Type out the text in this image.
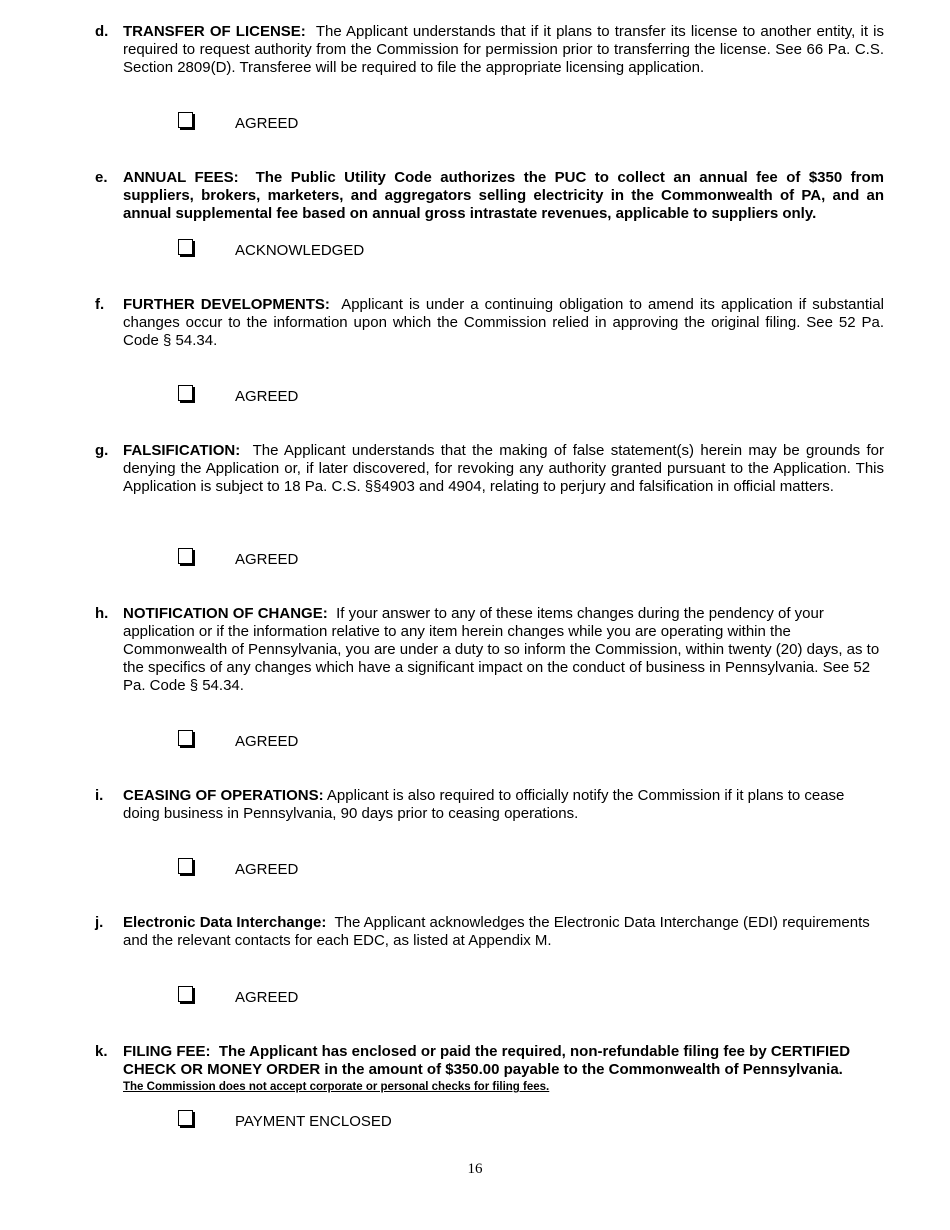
d. TRANSFER OF LICENSE: The Applicant understands that if it plans to transfer its license to another entity, it is required to request authority from the Commission for permission prior to transferring the license. See 66 Pa. C.S. Section 2809(D). Transferee will be required to file the appropriate licensing application.
AGREED
e.	ANNUAL FEES: The Public Utility Code authorizes the PUC to collect an annual fee of $350 from suppliers, brokers, marketers, and aggregators selling electricity in the Commonwealth of PA, and an annual supplemental fee based on annual gross intrastate revenues, applicable to suppliers only.
ACKNOWLEDGED
f.	FURTHER DEVELOPMENTS: Applicant is under a continuing obligation to amend its application if substantial changes occur to the information upon which the Commission relied in approving the original filing. See 52 Pa. Code § 54.34.
AGREED
g. FALSIFICATION: The Applicant understands that the making of false statement(s) herein may be grounds for denying the Application or, if later discovered, for revoking any authority granted pursuant to the Application. This Application is subject to 18 Pa. C.S. §§4903 and 4904, relating to perjury and falsification in official matters.
AGREED
h. NOTIFICATION OF CHANGE: If your answer to any of these items changes during the pendency of your application or if the information relative to any item herein changes while you are operating within the Commonwealth of Pennsylvania, you are under a duty to so inform the Commission, within twenty (20) days, as to the specifics of any changes which have a significant impact on the conduct of business in Pennsylvania. See 52 Pa. Code § 54.34.
AGREED
i.	CEASING OF OPERATIONS: Applicant is also required to officially notify the Commission if it plans to cease doing business in Pennsylvania, 90 days prior to ceasing operations.
AGREED
j.	Electronic Data Interchange: The Applicant acknowledges the Electronic Data Interchange (EDI) requirements and the relevant contacts for each EDC, as listed at Appendix M.
AGREED
k.	FILING FEE: The Applicant has enclosed or paid the required, non-refundable filing fee by CERTIFIED CHECK OR MONEY ORDER in the amount of $350.00 payable to the Commonwealth of Pennsylvania.
The Commission does not accept corporate or personal checks for filing fees.
PAYMENT ENCLOSED
16
